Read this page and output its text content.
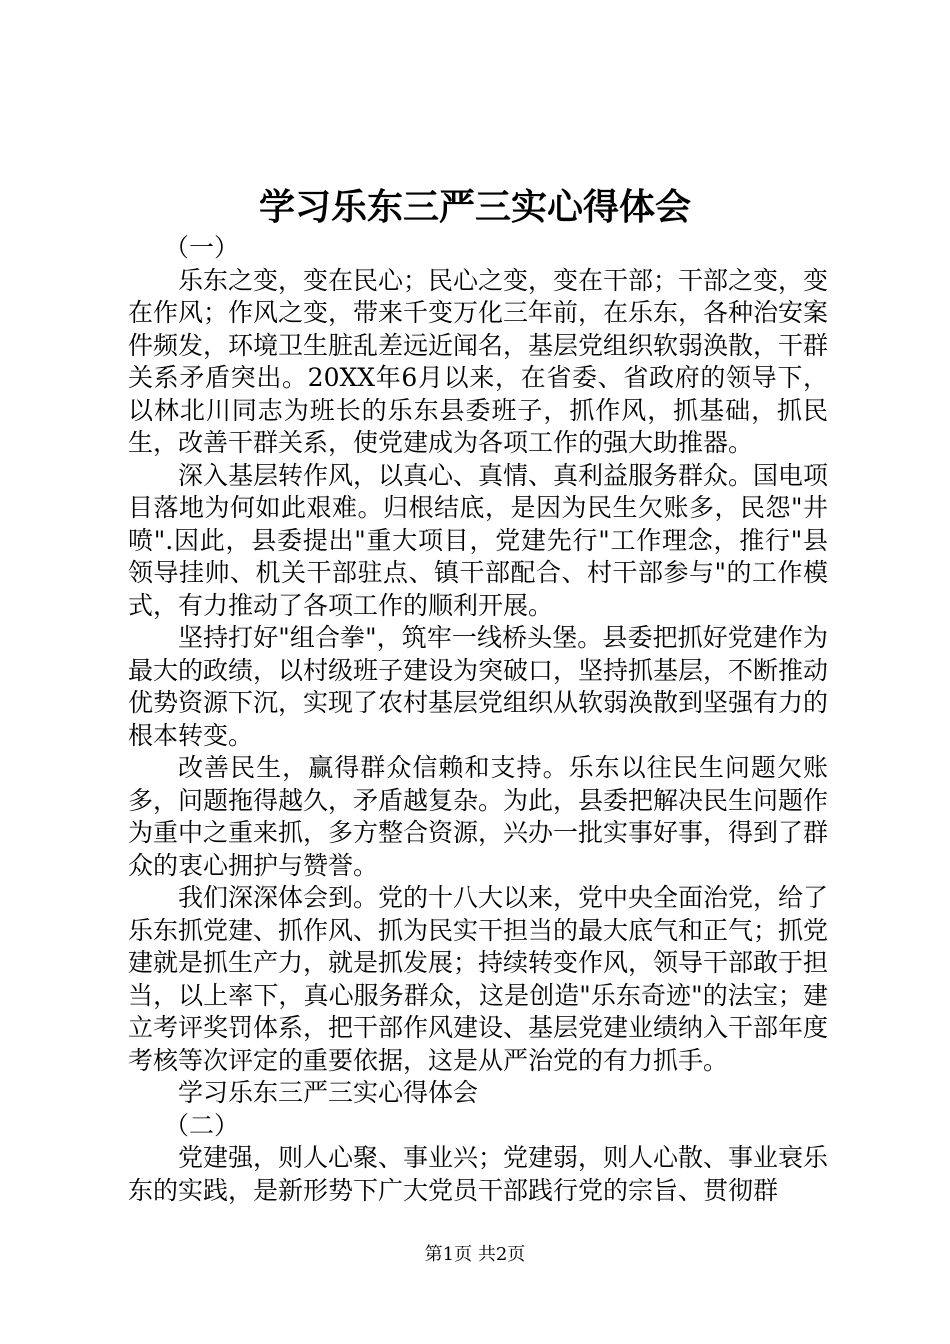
学习乐东三严三实心得体会

（一）

乐东之变，变在民心；民心之变，变在干部；干部之变，变在作风；作风之变，带来千变万化三年前，在乐东，各种治安案件频发，环境卫生脏乱差远近闻名，基层党组织软弱涣散，干群关系矛盾突出。20XX年6月以来，在省委、省政府的领导下，以林北川同志为班长的乐东县委班子，抓作风，抓基础，抓民生，改善干群关系，使党建成为各项工作的强大助推器。

深入基层转作风，以真心、真情、真利益服务群众。国电项目落地为何如此艰难。归根结底，是因为民生欠账多，民怨"井喷".因此，县委提出"重大项目，党建先行"工作理念，推行"县领导挂帅、机关干部驻点、镇干部配合、村干部参与"的工作模式，有力推动了各项工作的顺利开展。

坚持打好"组合拳"，筑牢一线桥头堡。县委把抓好党建作为最大的政绩，以村级班子建设为突破口，坚持抓基层，不断推动优势资源下沉，实现了农村基层党组织从软弱涣散到坚强有力的根本转变。

改善民生，赢得群众信赖和支持。乐东以往民生问题欠账多，问题拖得越久，矛盾越复杂。为此，县委把解决民生问题作为重中之重来抓，多方整合资源，兴办一批实事好事，得到了群众的衷心拥护与赞誉。

我们深深体会到。党的十八大以来，党中央全面治党，给了乐东抓党建、抓作风、抓为民实干担当的最大底气和正气；抓党建就是抓生产力，就是抓发展；持续转变作风，领导干部敢于担当，以上率下，真心服务群众，这是创造"乐东奇迹"的法宝；建立考评奖罚体系，把干部作风建设、基层党建业绩纳入干部年度考核等次评定的重要依据，这是从严治党的有力抓手。

学习乐东三严三实心得体会

（二）

党建强，则人心聚、事业兴；党建弱，则人心散、事业衰乐东的实践，是新形势下广大党员干部践行党的宗旨、贯彻群

第1页 共2页
